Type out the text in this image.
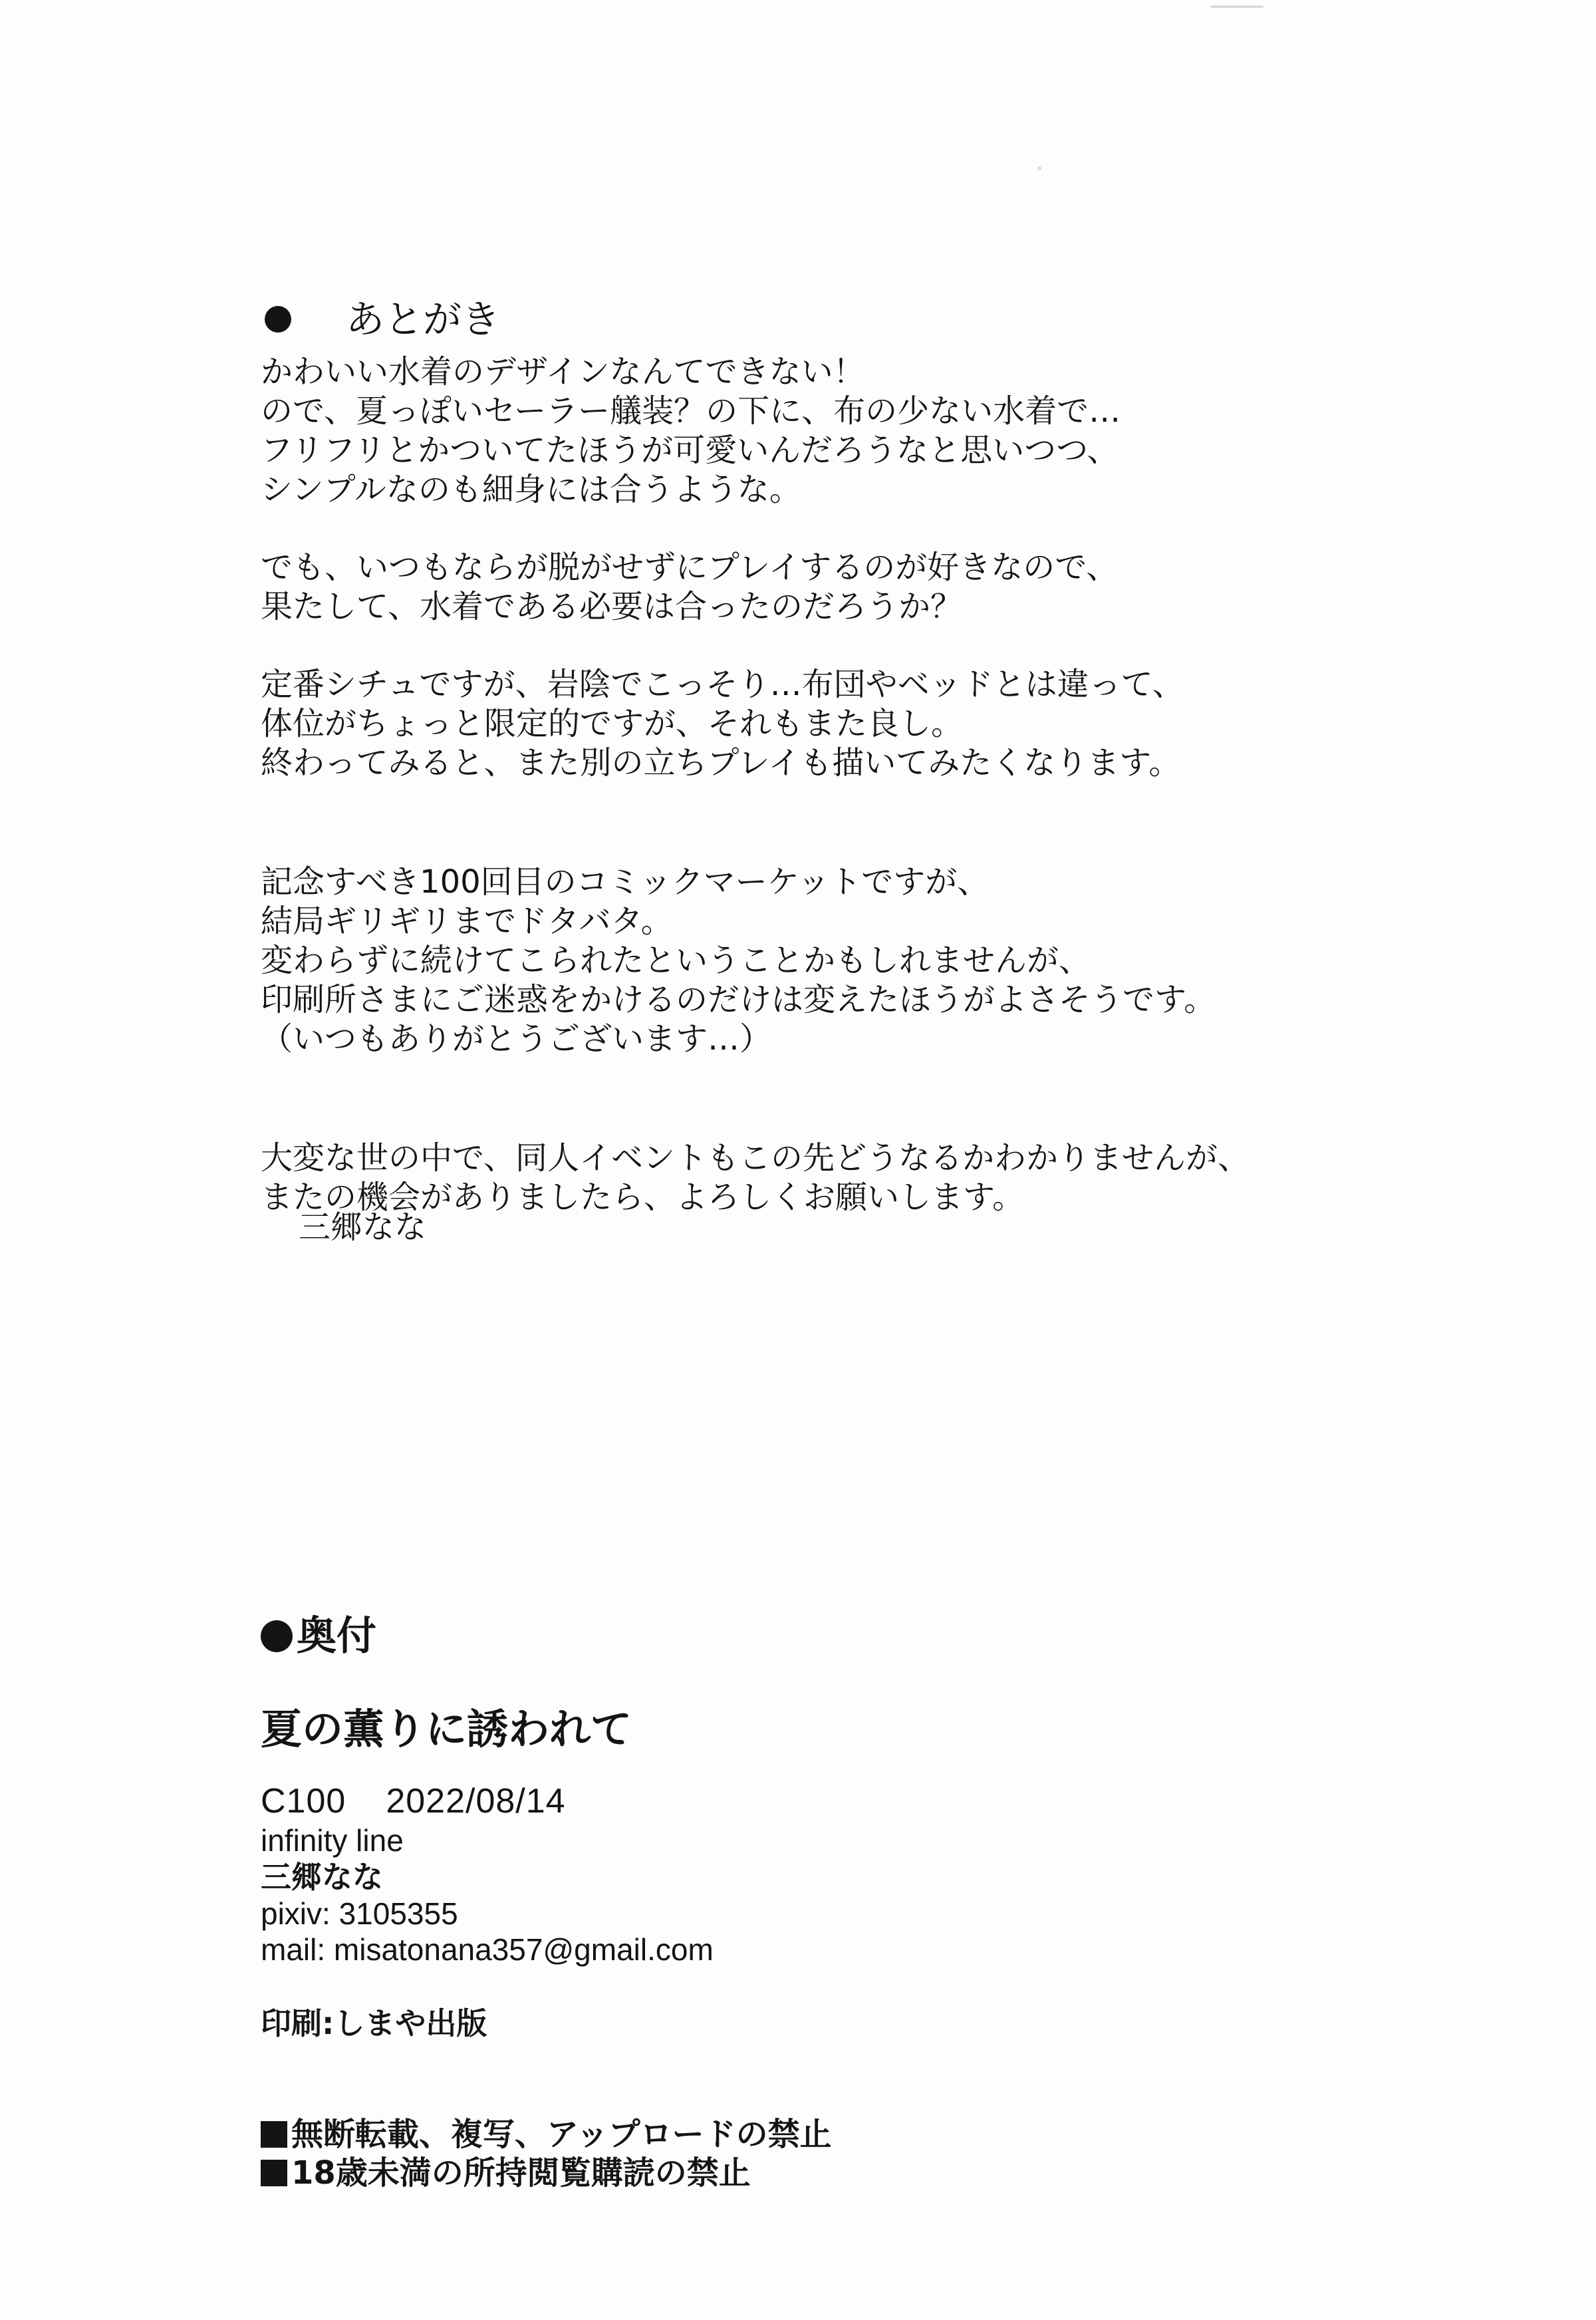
あとがき
かわいい水着のデザインなんてできない！
ので、夏っぽいセーラー艤装？の下に、布の少ない水着で…
フリフリとかついてたほうが可愛いんだろうなと思いつつ、
シンプルなのも細身には合うような。
でも、いつもならが脱がせずにプレイするのが好きなので、
果たして、水着である必要は合ったのだろうか？
定番シチュですが、岩陰でこっそり…布団やベッドとは違って、
体位がちょっと限定的ですが、それもまた良し。
終わってみると、また別の立ちプレイも描いてみたくなります。
記念すべき100回目のコミックマーケットですが、
結局ギリギリまでドタバタ。
変わらずに続けてこられたということかもしれませんが、
印刷所さまにご迷惑をかけるのだけは変えたほうがよさそうです。
（いつもありがとうございます…）
大変な世の中で、同人イベントもこの先どうなるかわかりませんが、
またの機会がありましたら、よろしくお願いします。
三郷なな
奥付
夏の薫りに誘われて
C100 2022/08/14
infinity line
三郷なな
pixiv: 3105355
mail: misatonana357@gmail.com
印刷:しまや出版
無断転載、複写、アップロードの禁止
18歳未満の所持閲覧購読の禁止
